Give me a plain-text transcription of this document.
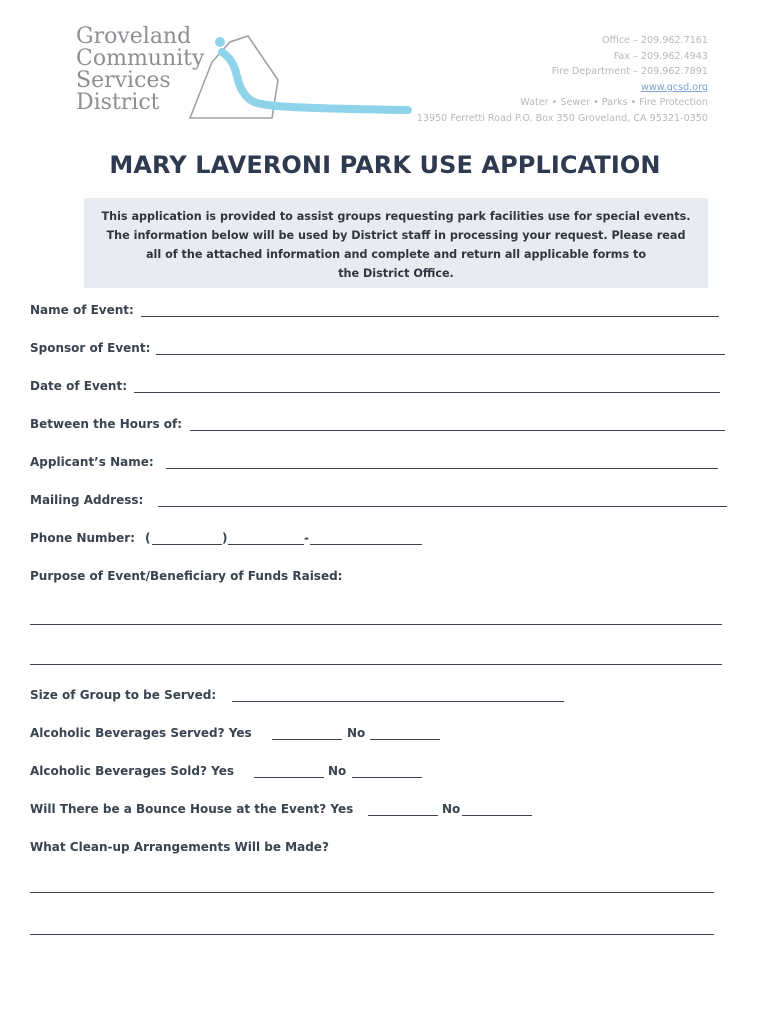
Groveland
Community
Services
District
Office – 209.962.7161
Fax – 209.962.4943
Fire Department – 209.962.7891
www.gcsd.org
Water • Sewer • Parks • Fire Protection
13950 Ferretti Road P.O. Box 350 Groveland, CA 95321-0350
MARY LAVERONI PARK USE APPLICATION
This application is provided to assist groups requesting park facilities use for special events.
The information below will be used by District staff in processing your request. Please read
all of the attached information and complete and return all applicable forms to
the District Office.
Name of Event:
Sponsor of Event:
Date of Event:
Between the Hours of:
Applicant’s Name:
Mailing Address:
Phone Number: (	)	-
Purpose of Event/Beneficiary of Funds Raised:
Size of Group to be Served:
Alcoholic Beverages Served? Yes	No
Alcoholic Beverages Sold? Yes	No
Will There be a Bounce House at the Event? Yes	No
What Clean-up Arrangements Will be Made?
